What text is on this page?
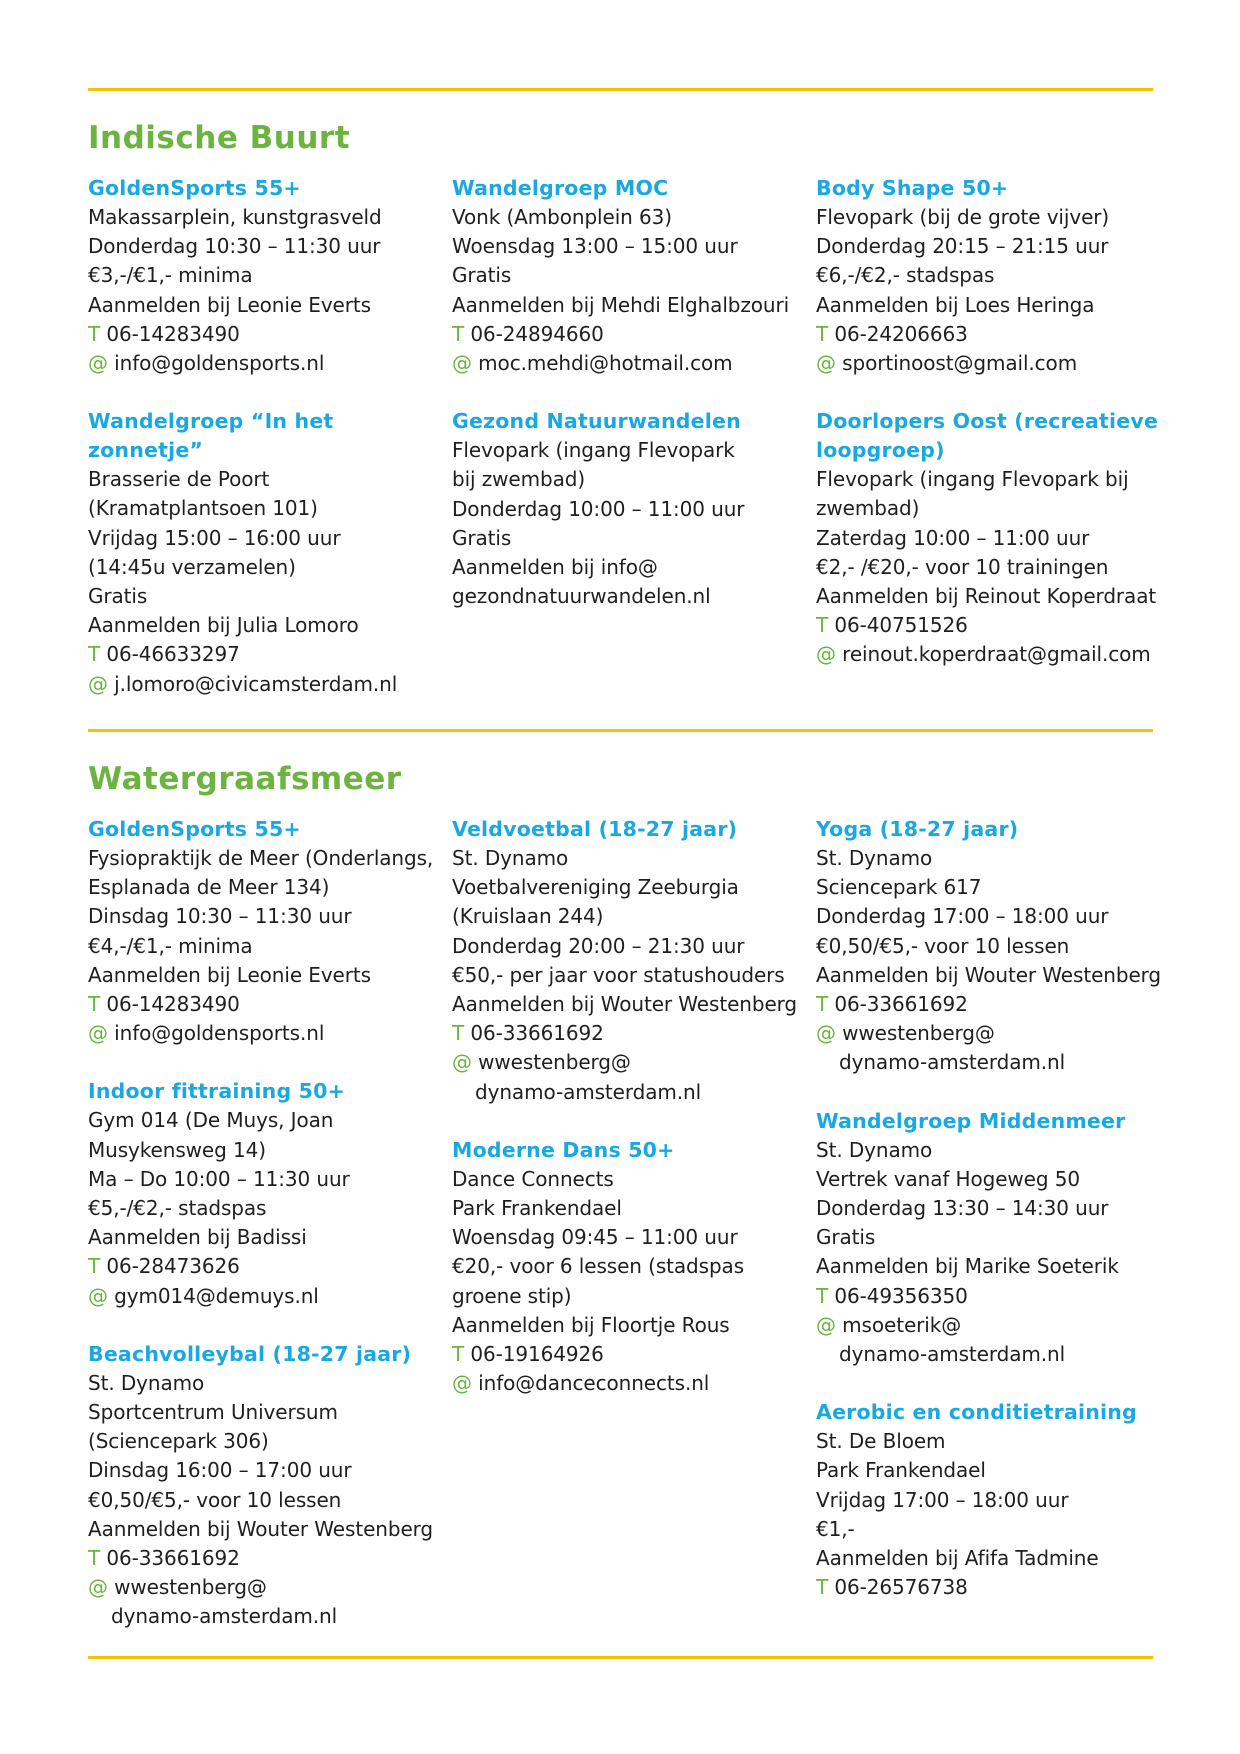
Indische Buurt
GoldenSports 55+

Makassarplein, kunstgrasveld

Donderdag 10:30 – 11:30 uur

€3,-/€1,- minima

Aanmelden bij Leonie Everts

T 06-14283490

@ info@goldensports.nl

Wandelgroep “In het zonnetje”

Brasserie de Poort

(Kramatplantsoen 101)

Vrijdag 15:00 – 16:00 uur

(14:45u verzamelen)

Gratis

Aanmelden bij Julia Lomoro

T 06-46633297

@ j.lomoro@civicamsterdam.nl

Wandelgroep MOC

Vonk (Ambonplein 63)

Woensdag 13:00 – 15:00 uur

Gratis

Aanmelden bij Mehdi Elghalbzouri

T 06-24894660

@ moc.mehdi@hotmail.com

Gezond Natuurwandelen

Flevopark (ingang Flevopark

bij zwembad)

Donderdag 10:00 – 11:00 uur

Gratis

Aanmelden bij info@

gezondnatuurwandelen.nl

Body Shape 50+

Flevopark (bij de grote vijver)

Donderdag 20:15 – 21:15 uur

€6,-/€2,- stadspas

Aanmelden bij Loes Heringa

T 06-24206663

@ sportinoost@gmail.com

Doorlopers Oost (recreatieve loopgroep)

Flevopark (ingang Flevopark bij

zwembad)

Zaterdag 10:00 – 11:00 uur

€2,- /€20,- voor 10 trainingen

Aanmelden bij Reinout Koperdraat

T 06-40751526

@ reinout.koperdraat@gmail.com

Watergraafsmeer
GoldenSports 55+

Fysiopraktijk de Meer (Onderlangs,

Esplanada de Meer 134)

Dinsdag 10:30 – 11:30 uur

€4,-/€1,- minima

Aanmelden bij Leonie Everts

T 06-14283490

@ info@goldensports.nl

Indoor fittraining 50+

Gym 014 (De Muys, Joan

Musykensweg 14)

Ma – Do 10:00 – 11:30 uur

€5,-/€2,- stadspas

Aanmelden bij Badissi

T 06-28473626

@ gym014@demuys.nl

Beachvolleybal (18-27 jaar)

St. Dynamo

Sportcentrum Universum

(Sciencepark 306)

Dinsdag 16:00 – 17:00 uur

€0,50/€5,- voor 10 lessen

Aanmelden bij Wouter Westenberg

T 06-33661692

@ wwestenberg@

dynamo-amsterdam.nl

Veldvoetbal (18-27 jaar)

St. Dynamo

Voetbalvereniging Zeeburgia

(Kruislaan 244)

Donderdag 20:00 – 21:30 uur

€50,- per jaar voor statushouders

Aanmelden bij Wouter Westenberg

T 06-33661692

@ wwestenberg@

dynamo-amsterdam.nl

Moderne Dans 50+

Dance Connects

Park Frankendael

Woensdag 09:45 – 11:00 uur

€20,- voor 6 lessen (stadspas

groene stip)

Aanmelden bij Floortje Rous

T 06-19164926

@ info@danceconnects.nl

Yoga (18-27 jaar)

St. Dynamo

Sciencepark 617

Donderdag 17:00 – 18:00 uur

€0,50/€5,- voor 10 lessen

Aanmelden bij Wouter Westenberg

T 06-33661692

@ wwestenberg@

dynamo-amsterdam.nl

Wandelgroep Middenmeer

St. Dynamo

Vertrek vanaf Hogeweg 50

Donderdag 13:30 – 14:30 uur

Gratis

Aanmelden bij Marike Soeterik

T 06-49356350

@ msoeterik@

dynamo-amsterdam.nl

Aerobic en conditietraining

St. De Bloem

Park Frankendael

Vrijdag 17:00 – 18:00 uur

€1,-

Aanmelden bij Afifa Tadmine

T 06-26576738
